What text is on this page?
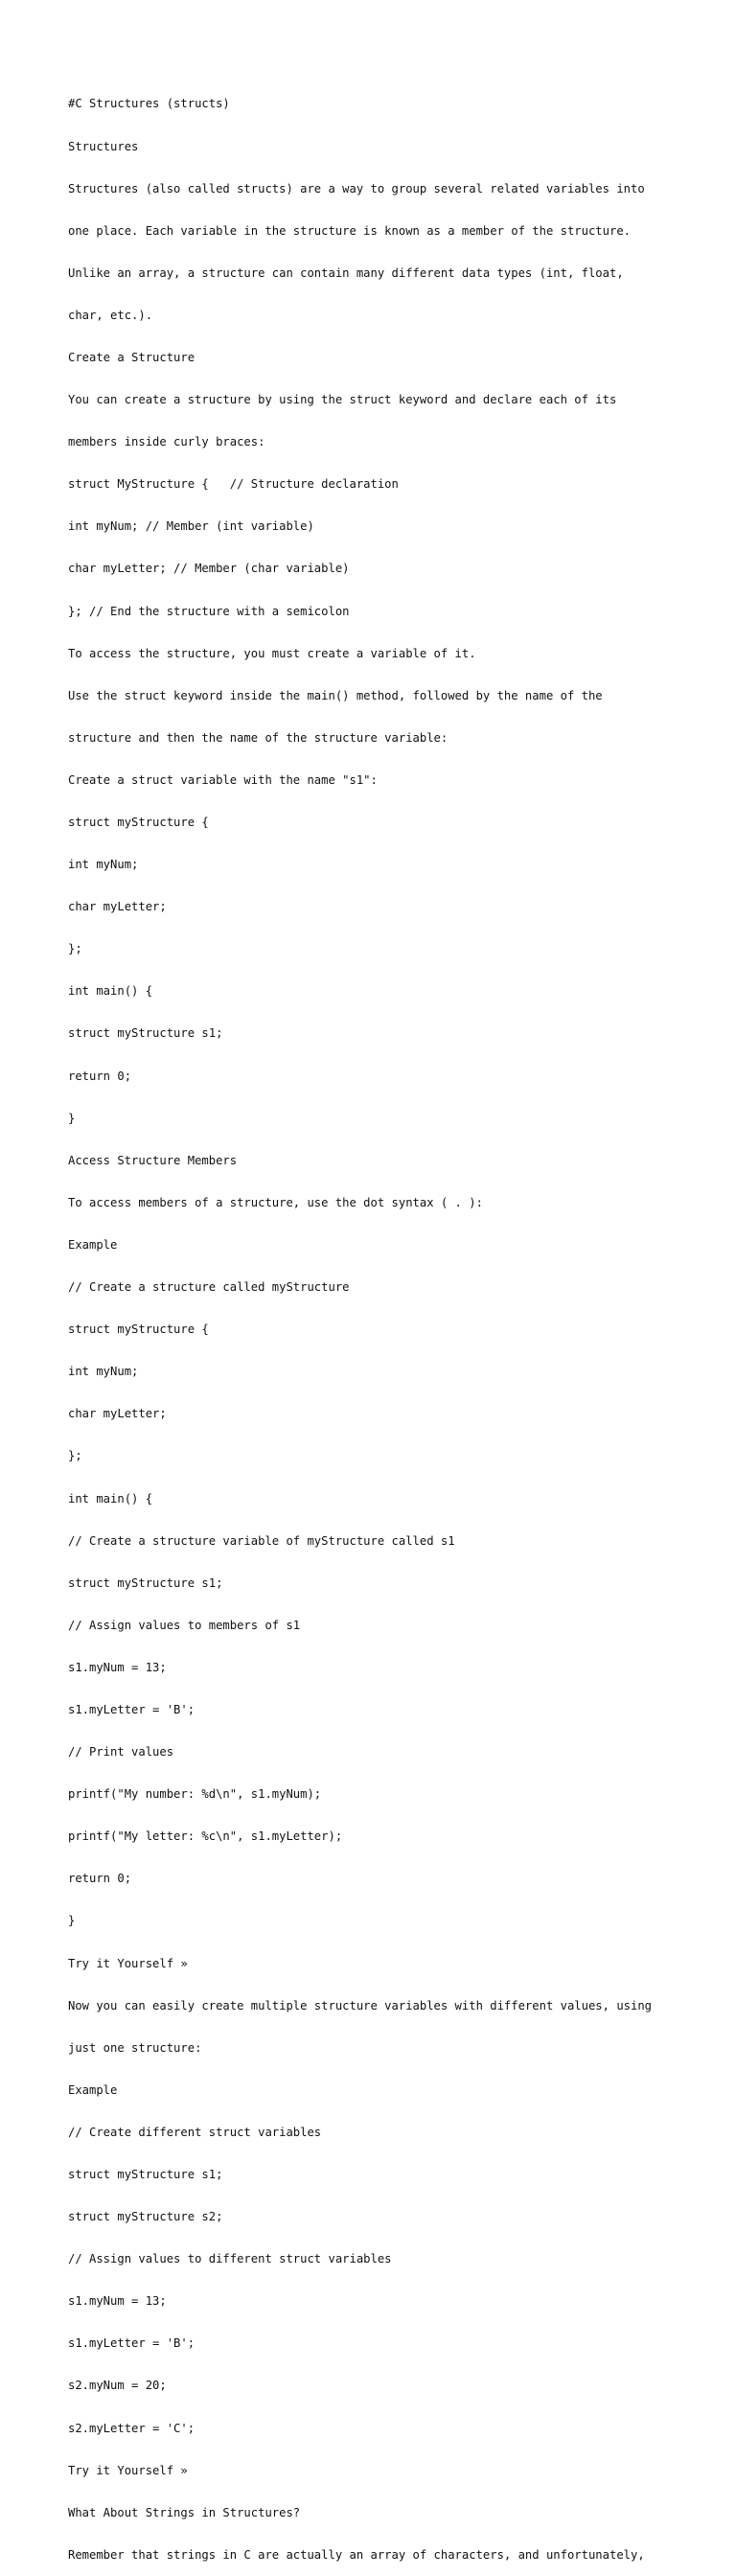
#C Structures (structs)

Structures

Structures (also called structs) are a way to group several related variables into

one place. Each variable in the structure is known as a member of the structure.

Unlike an array, a structure can contain many different data types (int, float,

char, etc.).

Create a Structure

You can create a structure by using the struct keyword and declare each of its

members inside curly braces:

struct MyStructure {   // Structure declaration

int myNum; // Member (int variable)

char myLetter; // Member (char variable)

}; // End the structure with a semicolon

To access the structure, you must create a variable of it.

Use the struct keyword inside the main() method, followed by the name of the

structure and then the name of the structure variable:

Create a struct variable with the name "s1":

struct myStructure {

int myNum;

char myLetter;

};

int main() {

struct myStructure s1;

return 0;

}

Access Structure Members

To access members of a structure, use the dot syntax ( . ):

Example

// Create a structure called myStructure

struct myStructure {

int myNum;

char myLetter;

};

int main() {

// Create a structure variable of myStructure called s1

struct myStructure s1;

// Assign values to members of s1

s1.myNum = 13;

s1.myLetter = 'B';

// Print values

printf("My number: %d\n", s1.myNum);

printf("My letter: %c\n", s1.myLetter);

return 0;

}

Try it Yourself »

Now you can easily create multiple structure variables with different values, using

just one structure:

Example

// Create different struct variables

struct myStructure s1;

struct myStructure s2;

// Assign values to different struct variables

s1.myNum = 13;

s1.myLetter = 'B';

s2.myNum = 20;

s2.myLetter = 'C';

Try it Yourself »

What About Strings in Structures?

Remember that strings in C are actually an array of characters, and unfortunately,
